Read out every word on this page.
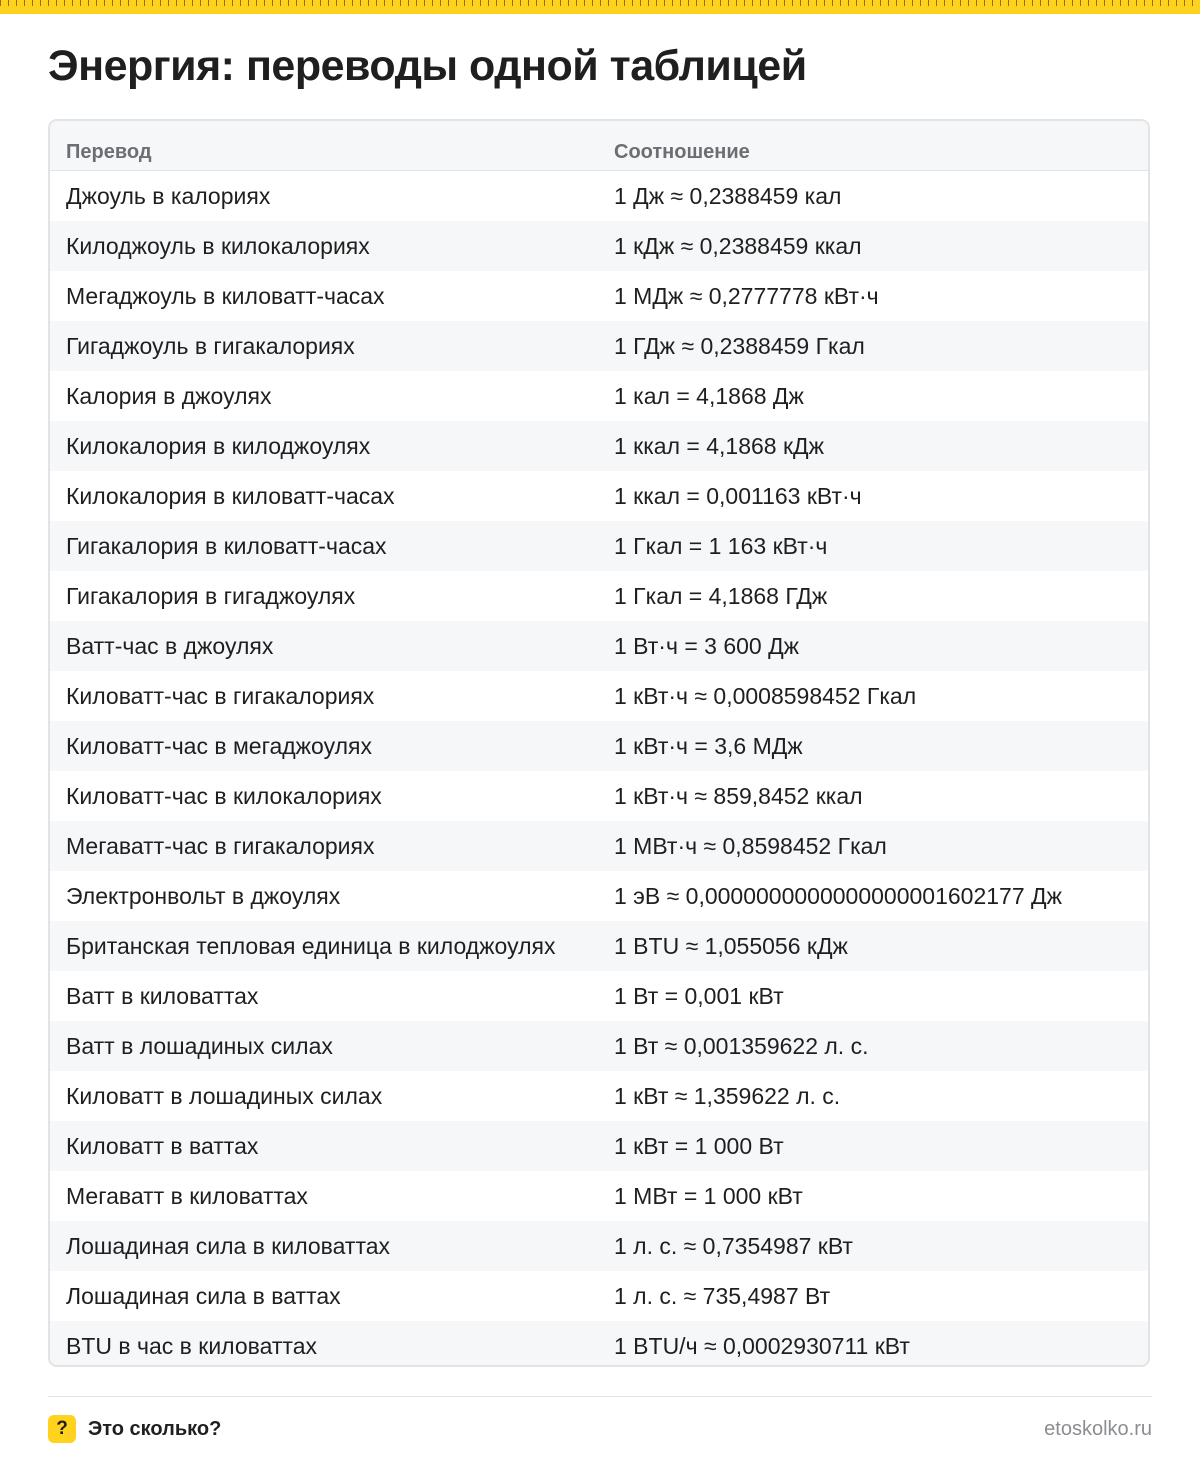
Энергия: переводы одной таблицей
Перевод	Соотношение
Джоуль в калориях	1 Дж ≈ 0,2388459 кал
Килоджоуль в килокалориях	1 кДж ≈ 0,2388459 ккал
Мегаджоуль в киловатт-часах	1 МДж ≈ 0,2777778 кВт·ч
Гигаджоуль в гигакалориях	1 ГДж ≈ 0,2388459 Гкал
Калория в джоулях	1 кал = 4,1868 Дж
Килокалория в килоджоулях	1 ккал = 4,1868 кДж
Килокалория в киловатт-часах	1 ккал = 0,001163 кВт·ч
Гигакалория в киловатт-часах	1 Гкал = 1 163 кВт·ч
Гигакалория в гигаджоулях	1 Гкал = 4,1868 ГДж
Ватт-час в джоулях	1 Вт·ч = 3 600 Дж
Киловатт-час в гигакалориях	1 кВт·ч ≈ 0,0008598452 Гкал
Киловатт-час в мегаджоулях	1 кВт·ч = 3,6 МДж
Киловатт-час в килокалориях	1 кВт·ч ≈ 859,8452 ккал
Мегаватт-час в гигакалориях	1 МВт·ч ≈ 0,8598452 Гкал
Электронвольт в джоулях	1 эВ ≈ 0,0000000000000000001602177 Дж
Британская тепловая единица в килоджоулях	1 BTU ≈ 1,055056 кДж
Ватт в киловаттах	1 Вт = 0,001 кВт
Ватт в лошадиных силах	1 Вт ≈ 0,001359622 л. с.
Киловатт в лошадиных силах	1 кВт ≈ 1,359622 л. с.
Киловатт в ваттах	1 кВт = 1 000 Вт
Мегаватт в киловаттах	1 МВт = 1 000 кВт
Лошадиная сила в киловаттах	1 л. с. ≈ 0,7354987 кВт
Лошадиная сила в ваттах	1 л. с. ≈ 735,4987 Вт
BTU в час в киловаттах	1 BTU/ч ≈ 0,0002930711 кВт
?	Это сколько?	etoskolko.ru
